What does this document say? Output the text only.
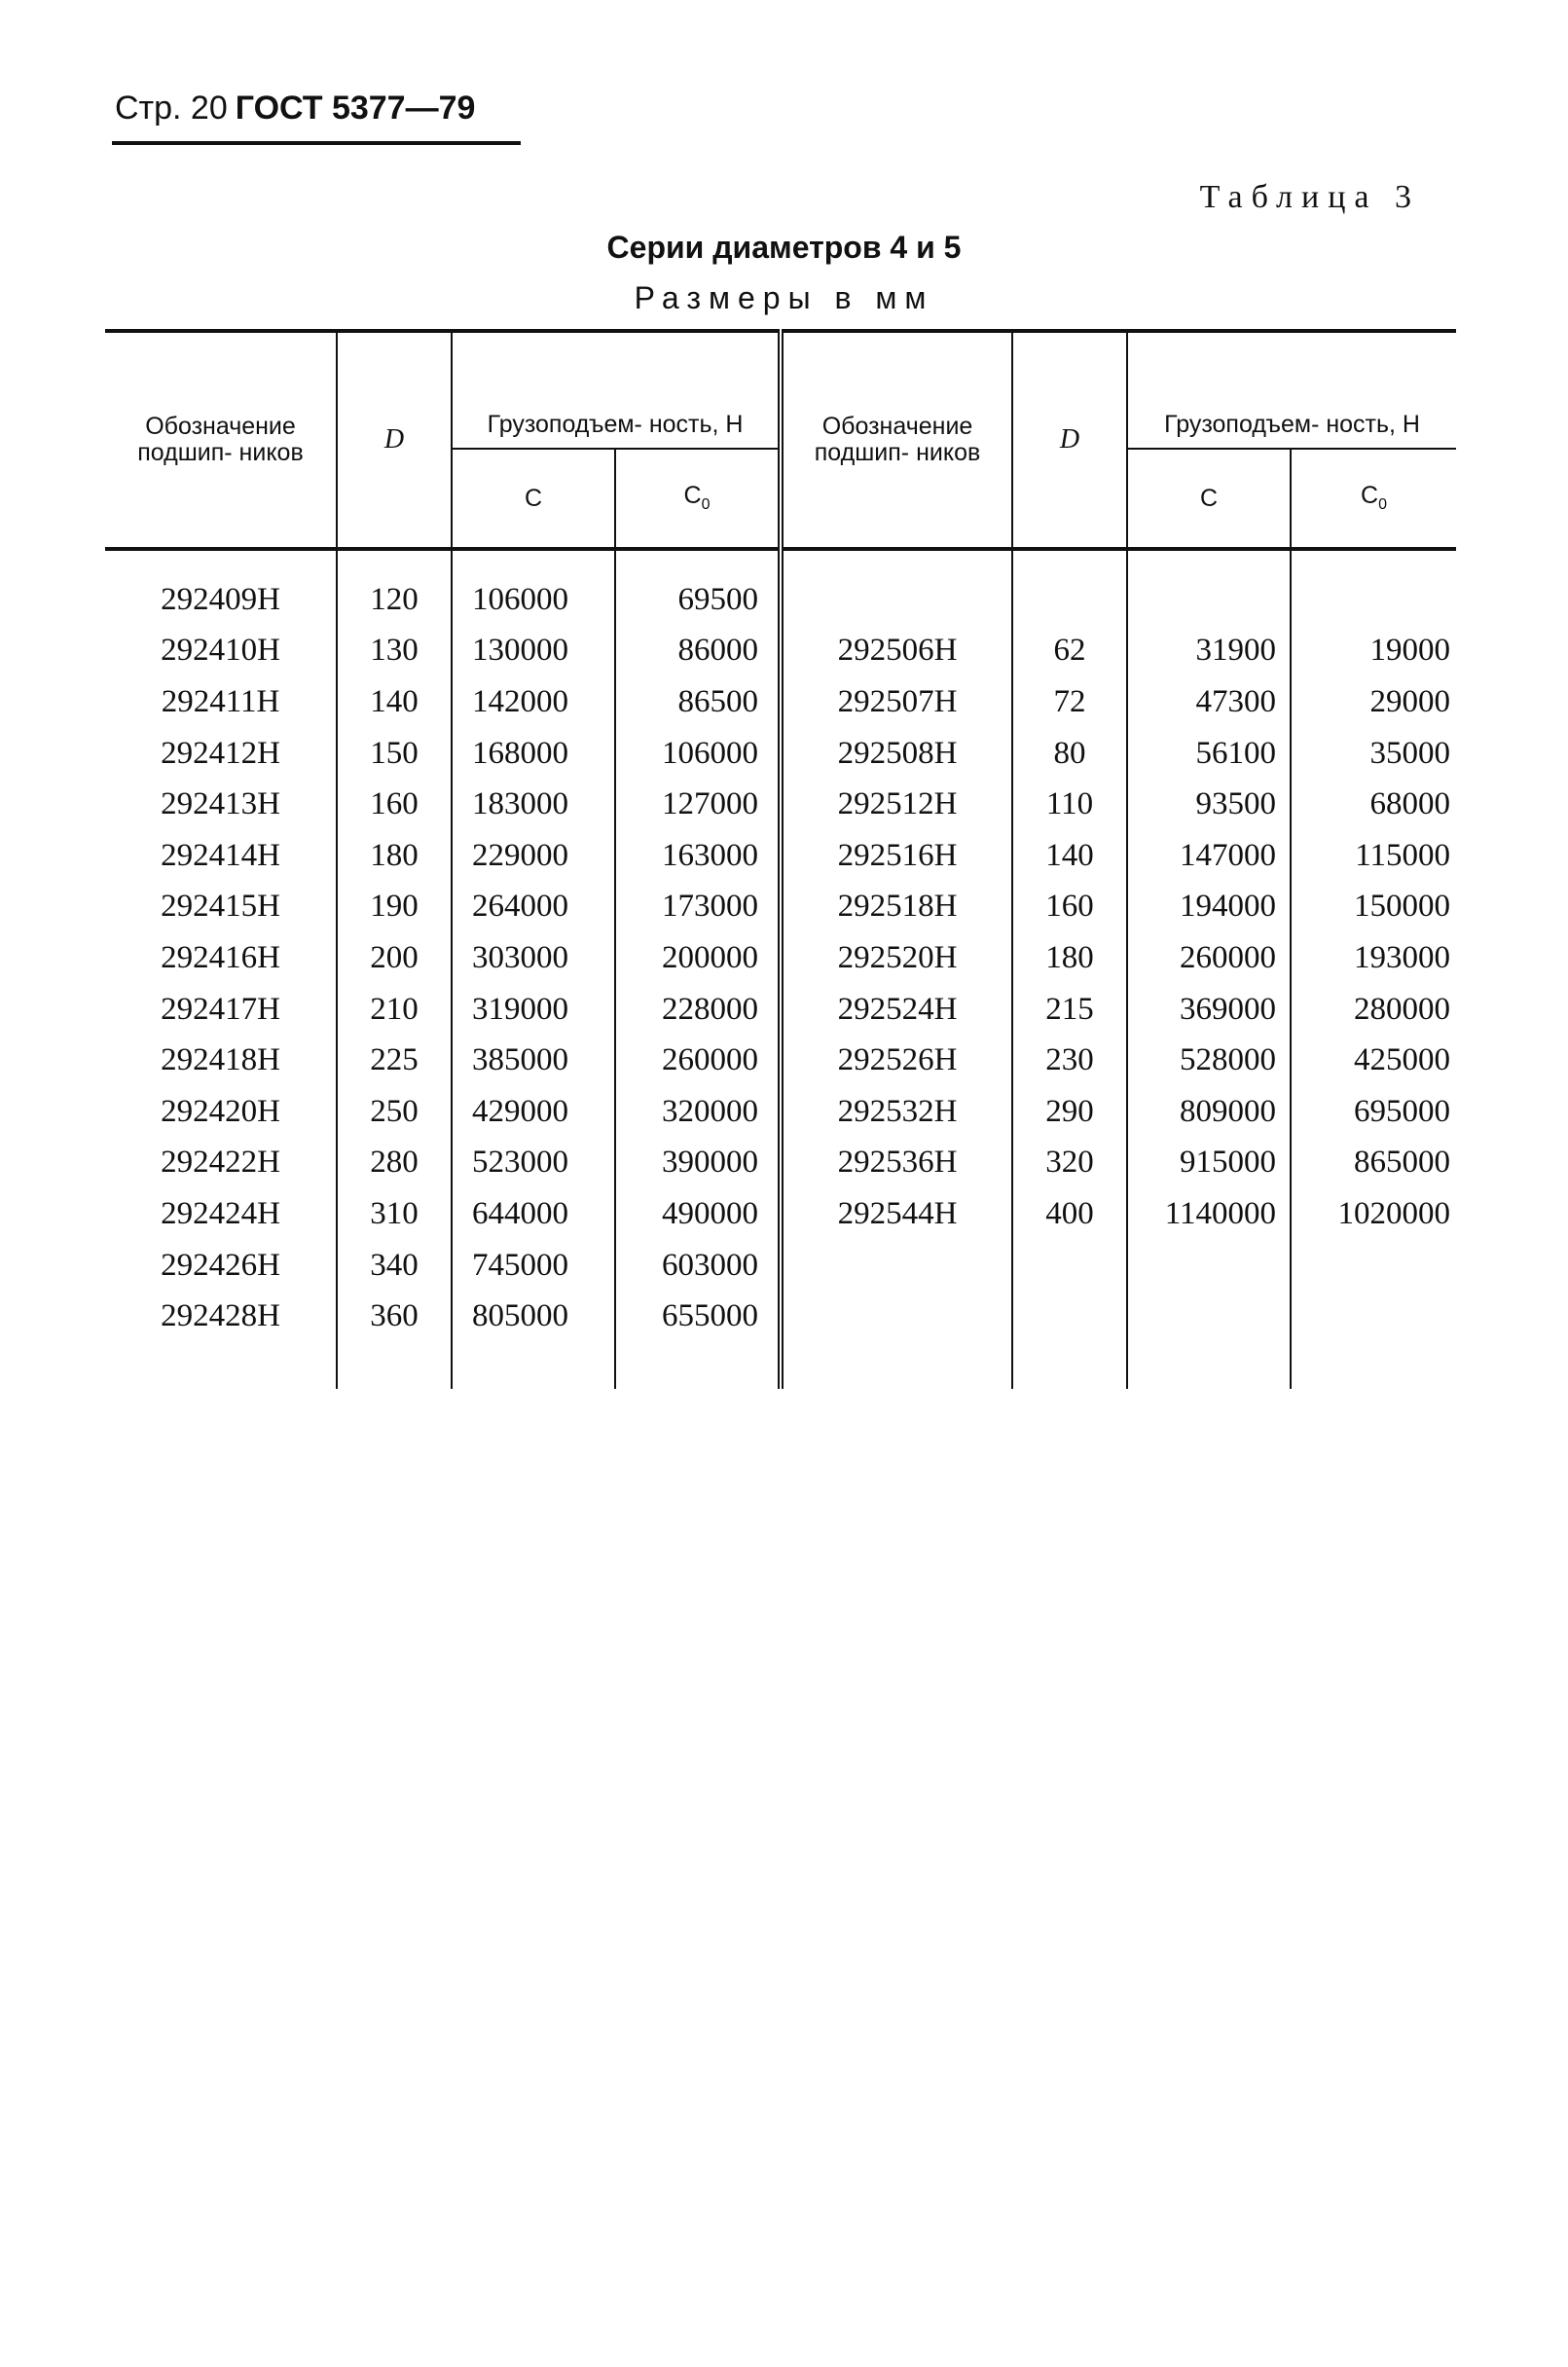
Стр. 20 ГОСТ 5377—79
Таблица 3
Серии диаметров 4 и 5
Размеры в мм
Обозначение подшип- ников	D	Грузоподъем- ность, Н		Обозначение подшип- ников	D	Грузоподъем- ность, Н	
		C	$C_0$			C	$C_0$
292409Н	120	106000	69500				
292410Н	130	130000	86000	292506Н	62	31900	19000
292411Н	140	142000	86500	292507Н	72	47300	29000
292412Н	150	168000	106000	292508Н	80	56100	35000
292413Н	160	183000	127000	292512Н	110	93500	68000
292414Н	180	229000	163000	292516Н	140	147000	115000
292415Н	190	264000	173000	292518Н	160	194000	150000
292416Н	200	303000	200000	292520Н	180	260000	193000
292417Н	210	319000	228000	292524Н	215	369000	280000
292418Н	225	385000	260000	292526Н	230	528000	425000
292420Н	250	429000	320000	292532Н	290	809000	695000
292422Н	280	523000	390000	292536Н	320	915000	865000
292424Н	310	644000	490000	292544Н	400	1140000	1020000
292426Н	340	745000	603000				
292428Н	360	805000	655000				
